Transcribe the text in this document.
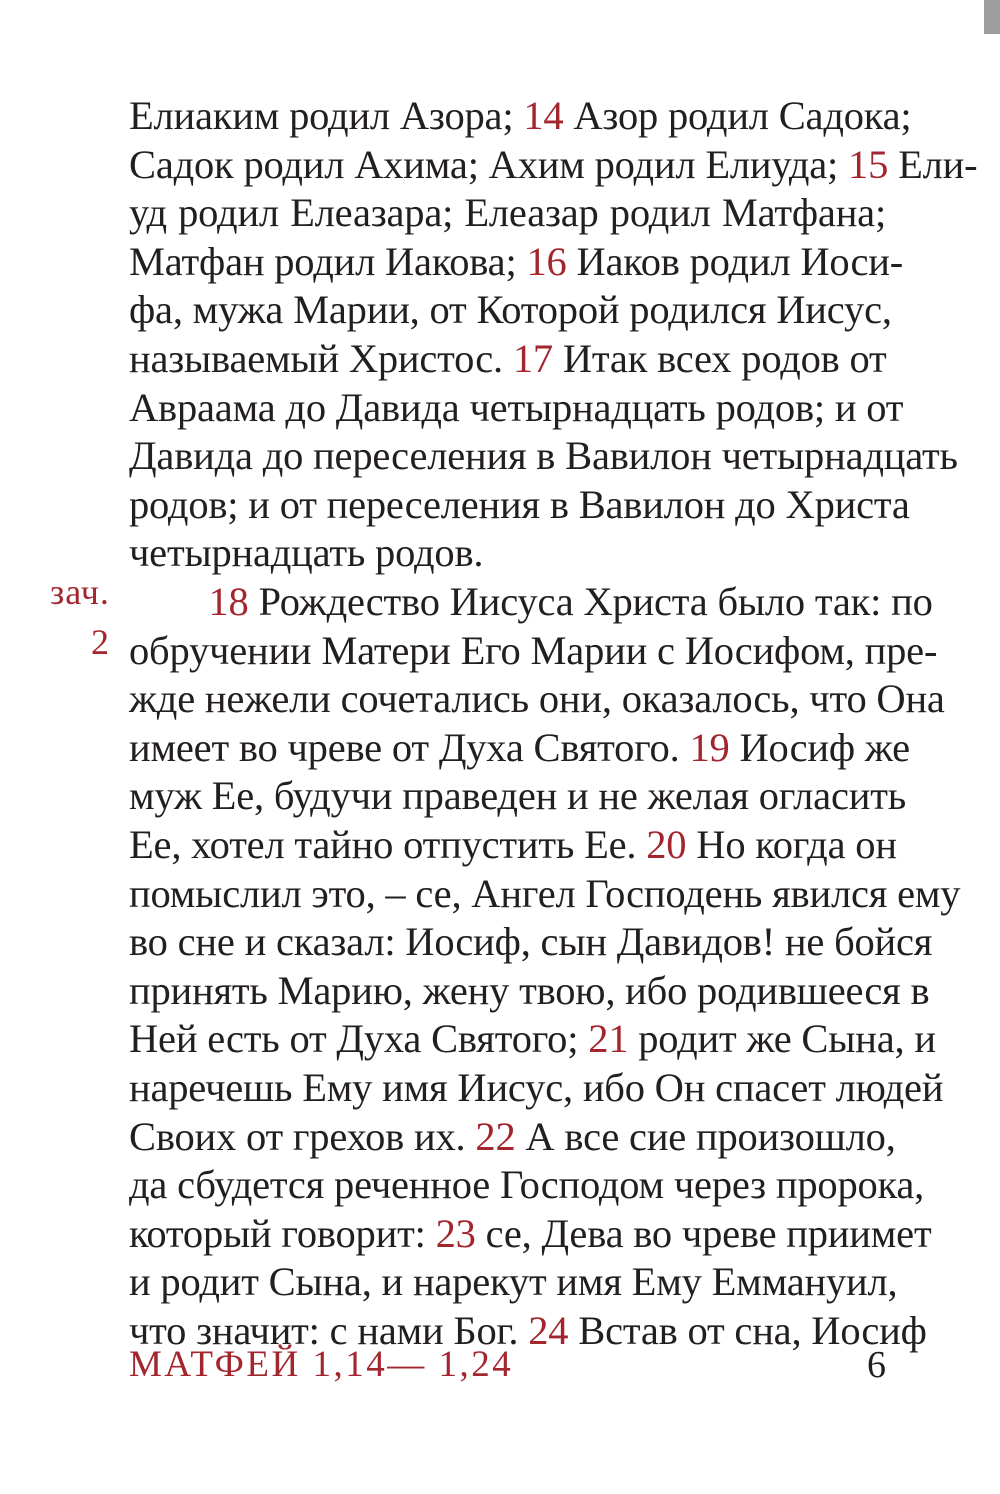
Елиаким родил Азора; 14 Азор родил Садока;
Садок родил Ахима; Ахим родил Елиуда; 15 Ели-
уд родил Елеазара; Елеазар родил Матфана;
Матфан родил Иакова; 16 Иаков родил Иоси-
фа, мужа Марии, от Которой родился Иисус,
называемый Христос. 17 Итак всех родов от
Авраама до Давида четырнадцать родов; и от
Давида до переселения в Вавилон четырнадцать
родов; и от переселения в Вавилон до Христа
четырнадцать родов.
18 Рождество Иисуса Христа было так: по
обручении Матери Его Марии с Иосифом, пре-
жде нежели сочетались они, оказалось, что Она
имеет во чреве от Духа Святого. 19 Иосиф же
муж Ее, будучи праведен и не желая огласить
Ее, хотел тайно отпустить Ее. 20 Но когда он
помыслил это, – се, Ангел Господень явился ему
во сне и сказал: Иосиф, сын Давидов! не бойся
принять Марию, жену твою, ибо родившееся в
Ней есть от Духа Святого; 21 родит же Сына, и
наречешь Ему имя Иисус, ибо Он спасет людей
Своих от грехов их. 22 А все сие произошло,
да сбудется реченное Господом через пророка,
который говорит: 23 се, Дева во чреве приимет
и родит Сына, и нарекут имя Ему Еммануил,
что значит: с нами Бог. 24 Встав от сна, Иосиф
зач.
2
МАТФЕЙ 1,14— 1,24	6
